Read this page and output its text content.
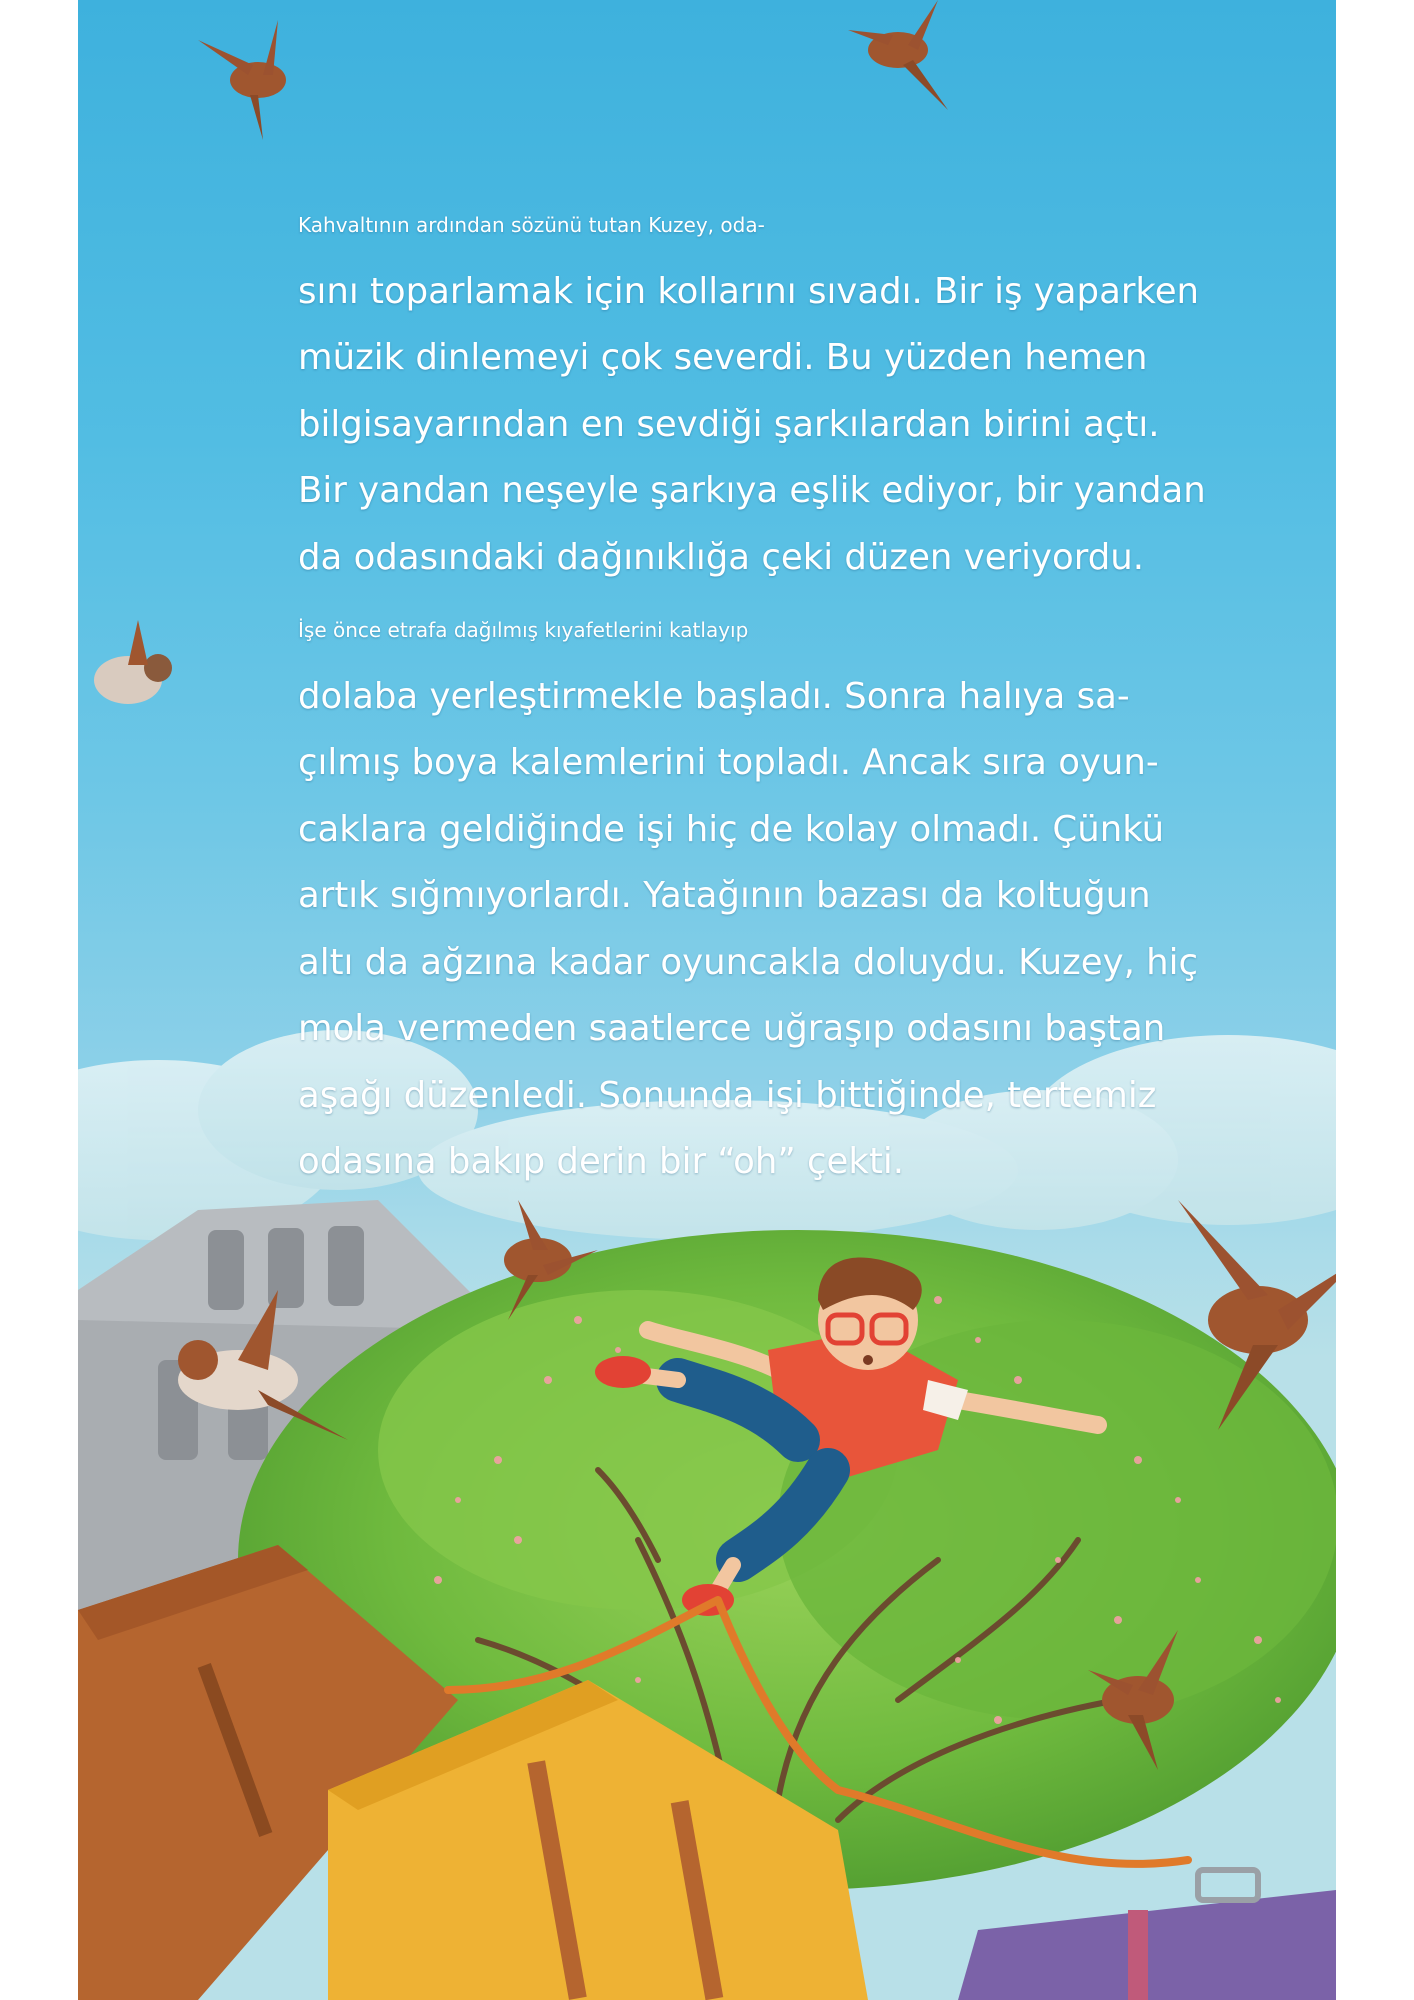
Kahvaltının ardından sözünü tutan Kuzey, oda-
sını toparlamak için kollarını sıvadı. Bir iş yaparken
müzik dinlemeyi çok severdi. Bu yüzden hemen
bilgisayarından en sevdiği şarkılardan birini açtı.
Bir yandan neşeyle şarkıya eşlik ediyor, bir yandan
da odasındaki dağınıklığa çeki düzen veriyordu.

İşe önce etrafa dağılmış kıyafetlerini katlayıp
dolaba yerleştirmekle başladı. Sonra halıya sa-
çılmış boya kalemlerini topladı. Ancak sıra oyun-
caklara geldiğinde işi hiç de kolay olmadı. Çünkü
artık sığmıyorlardı. Yatağının bazası da koltuğun
altı da ağzına kadar oyuncakla doluydu. Kuzey, hiç
mola vermeden saatlerce uğraşıp odasını baştan
aşağı düzenledi. Sonunda işi bittiğinde, tertemiz
odasına bakıp derin bir “oh” çekti.
